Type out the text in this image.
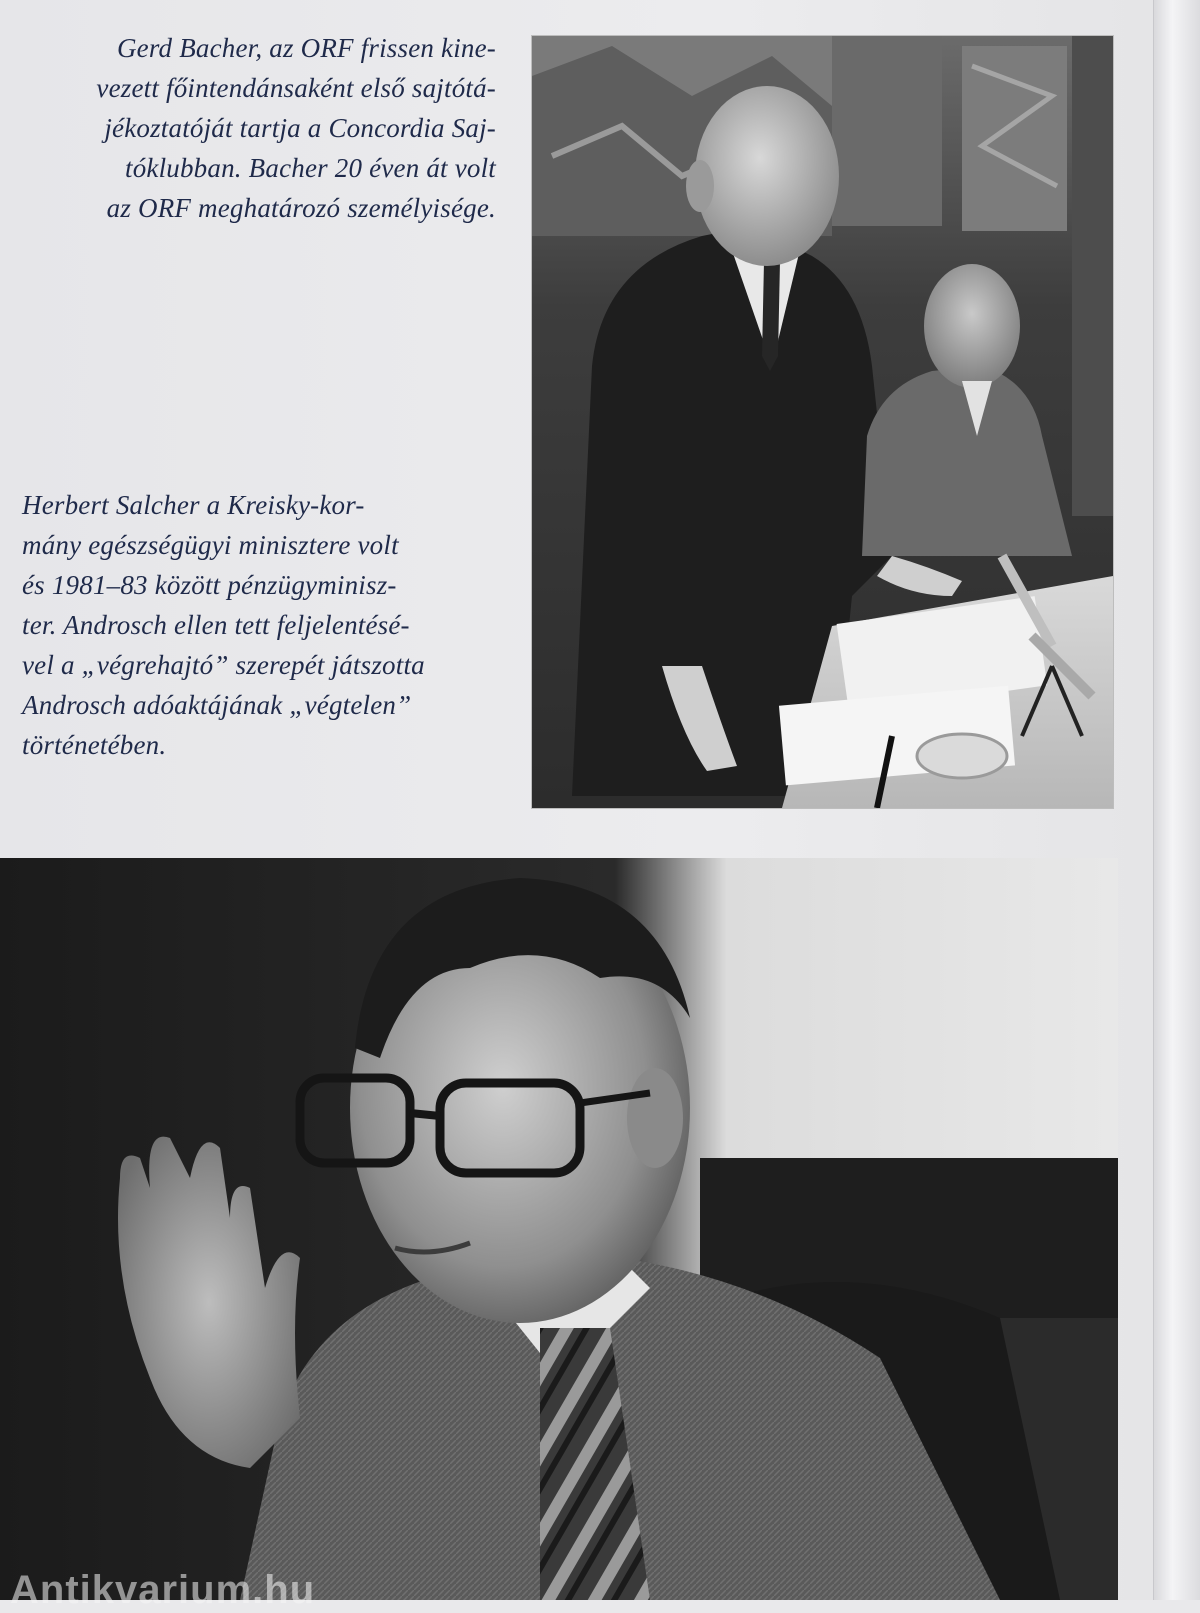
Gerd Bacher, az ORF frissen kine-
vezett főintendánsaként első sajtótá-
jékoztatóját tartja a Concordia Saj-
tóklubban. Bacher 20 éven át volt
az ORF meghatározó személyisége.

Herbert Salcher a Kreisky-kor-
mány egészségügyi minisztere volt
és 1981–83 között pénzügyminisz-
ter. Androsch ellen tett feljelentésé-
vel a „végrehajtó” szerepét játszotta
Androsch adóaktájának „végtelen”
történetében.

Antikvarium.hu
